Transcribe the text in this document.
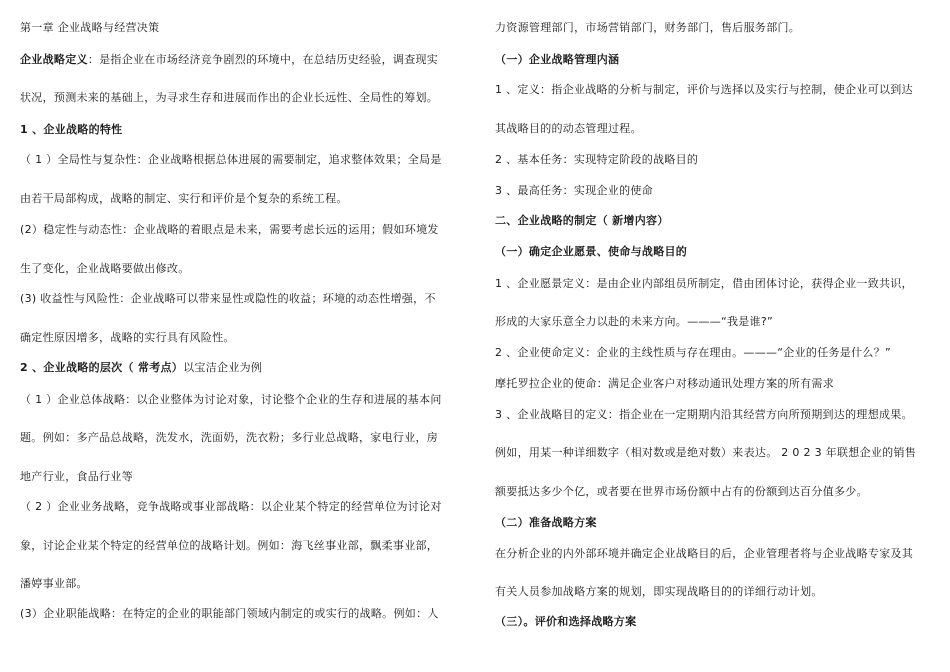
第一章 企业战略与经营决策
企业战略定义：是指企业在市场经济竞争剧烈的环境中，在总结历史经验，调查现实
状况，预测未来的基础上，为寻求生存和进展而作出的企业长远性、全局性的筹划。
1 、企业战略的特性
（ 1 ）全局性与复杂性：企业战略根据总体进展的需要制定，追求整体效果；全局是
由若干局部构成，战略的制定、实行和评价是个复杂的系统工程。
(2）稳定性与动态性：企业战略的着眼点是未来，需要考虑长远的运用；假如环境发
生了变化，企业战略要做出修改。
(3) 收益性与风险性：企业战略可以带来显性或隐性的收益；环境的动态性增强，不
确定性原因增多，战略的实行具有风险性。
2 、企业战略的层次（ 常考点）以宝洁企业为例
（ 1 ）企业总体战略：以企业整体为讨论对象，讨论整个企业的生存和进展的基本问
题。例如：多产品总战略，洗发水，洗面奶，洗衣粉；多行业总战略，家电行业，房
地产行业，食品行业等
（ 2 ）企业业务战略，竞争战略或事业部战略：以企业某个特定的经营单位为讨论对
象，讨论企业某个特定的经营单位的战略计划。例如：海飞丝事业部，飘柔事业部，
潘婷事业部。
(3）企业职能战略：在特定的企业的职能部门领域内制定的或实行的战略。例如：人
力资源管理部门，市场营销部门，财务部门，售后服务部门。
（一）企业战略管理内涵
1 、定义：指企业战略的分析与制定，评价与选择以及实行与控制，使企业可以到达
其战略目的的动态管理过程。
2 、基本任务：实现特定阶段的战略目的
3 、最高任务：实现企业的使命
二、企业战略的制定（ 新增内容）
（一）确定企业愿景、使命与战略目的
1 、企业愿景定义：是由企业内部组员所制定，借由团体讨论，获得企业一致共识，
形成的大家乐意全力以赴的未来方向。———“我是谁?”
2 、企业使命定义：企业的主线性质与存在理由。———“企业的任务是什么？”
摩托罗拉企业的使命：满足企业客户对移动通讯处理方案的所有需求
3 、企业战略目的定义：指企业在一定期期内沿其经营方向所预期到达的理想成果。
例如，用某一种详细数字（相对数或是绝对数）来表达。 2 0 2 3 年联想企业的销售
额要抵达多少个亿，或者要在世界市场份额中占有的份额到达百分值多少。
（二）准备战略方案
在分析企业的内外部环境并确定企业战略目的后，企业管理者将与企业战略专家及其
有关人员参加战略方案的规划，即实现战略目的的详细行动计划。
（三）。评价和选择战略方案
